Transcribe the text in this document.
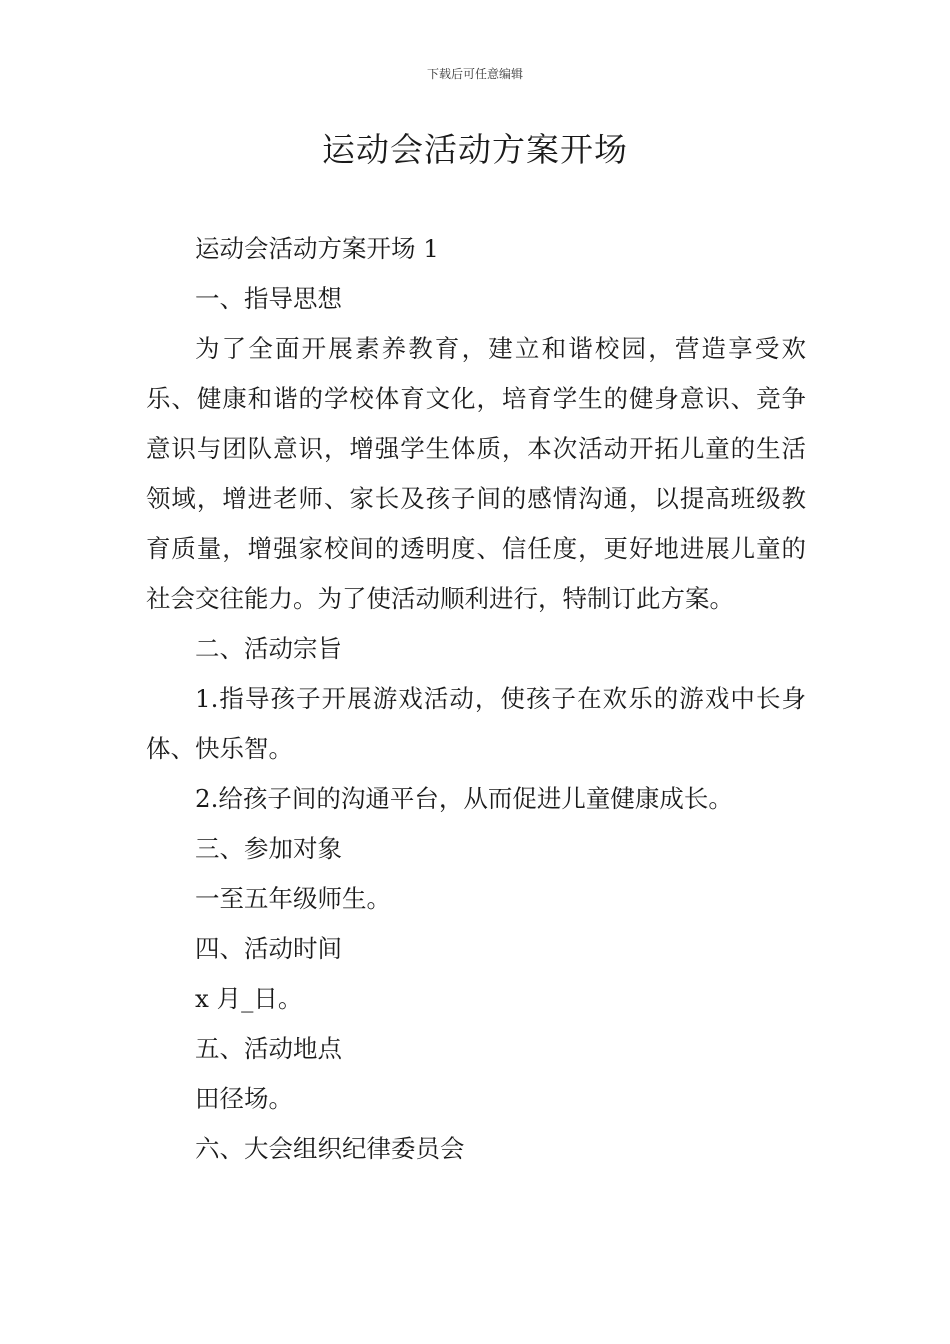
下载后可任意编辑
运动会活动方案开场

运动会活动方案开场 1

一、指导思想

为了全面开展素养教育，建立和谐校园，营造享受欢乐、健康和谐的学校体育文化，培育学生的健身意识、竞争意识与团队意识，增强学生体质，本次活动开拓儿童的生活领域，增进老师、家长及孩子间的感情沟通，以提高班级教育质量，增强家校间的透明度、信任度，更好地进展儿童的社会交往能力。为了使活动顺利进行，特制订此方案。

二、活动宗旨

1.指导孩子开展游戏活动，使孩子在欢乐的游戏中长身体、快乐智。

2.给孩子间的沟通平台，从而促进儿童健康成长。

三、参加对象

一至五年级师生。

四、活动时间

x 月_日。

五、活动地点

田径场。

六、大会组织纪律委员会
